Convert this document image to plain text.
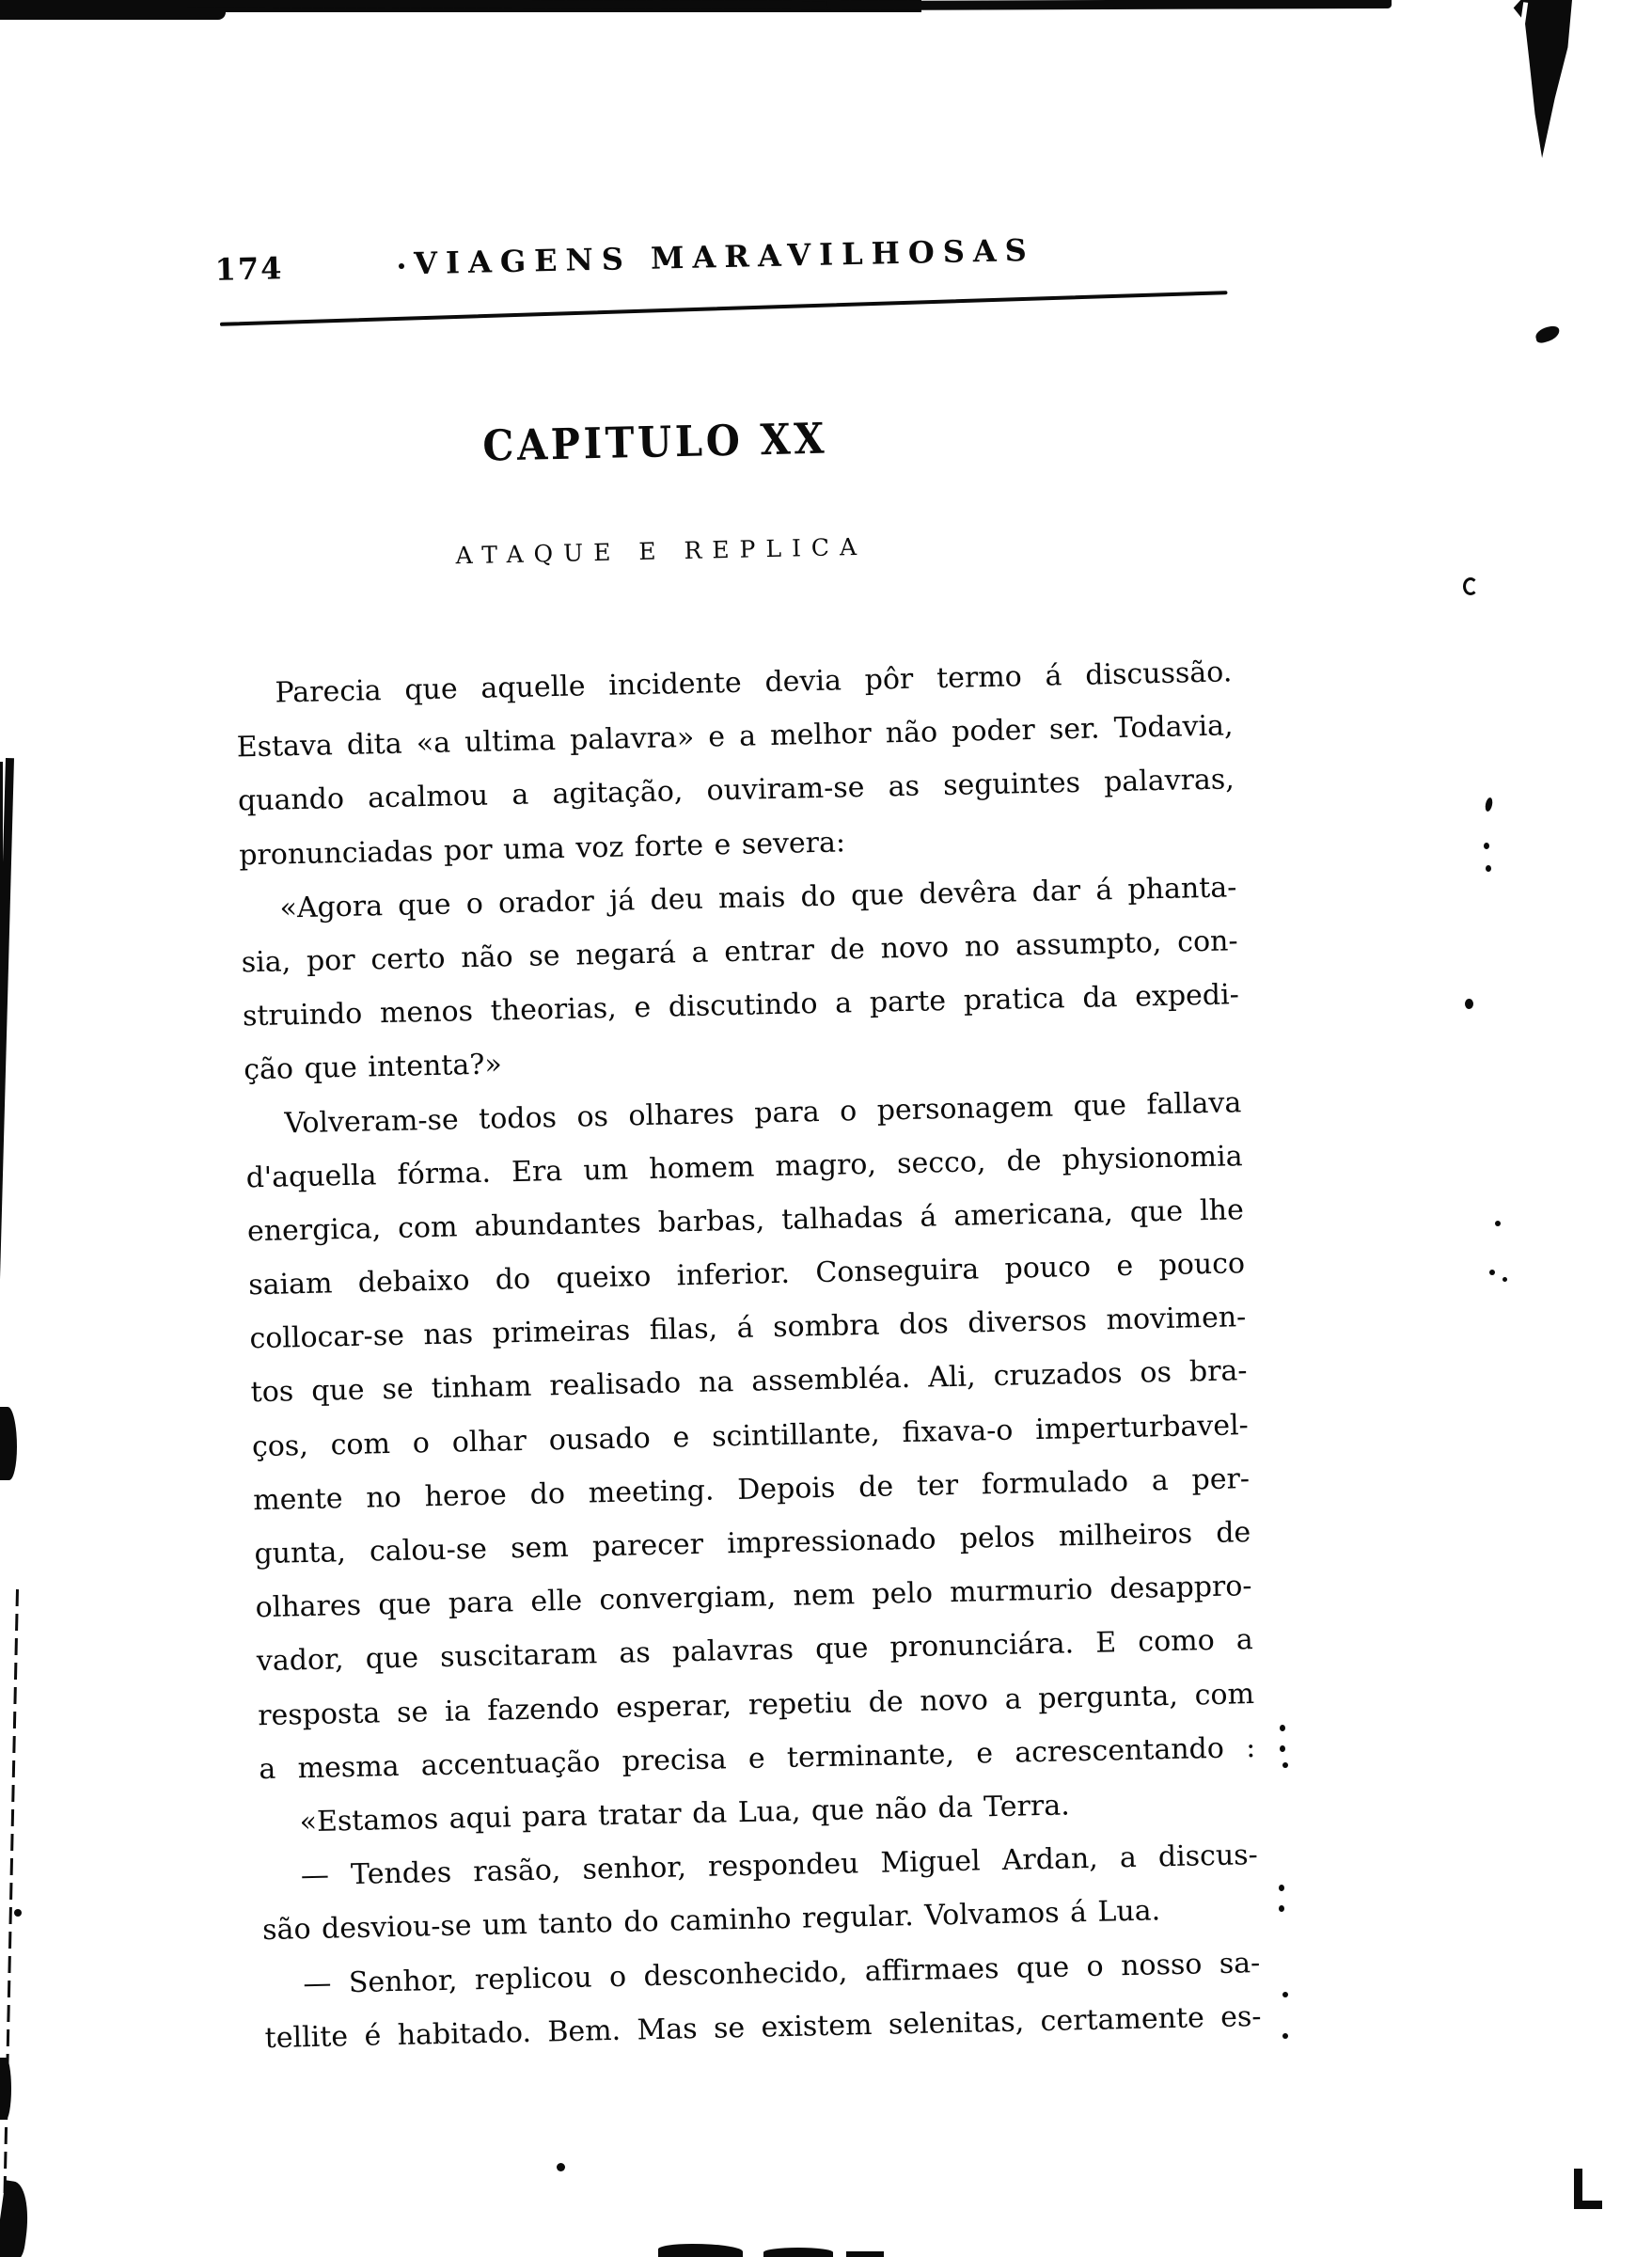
174	VIAGENS MARAVILHOSAS
CAPITULO XX
ATAQUE E REPLICA
Parecia que aquelle incidente devia pôr termo á discussão.
Estava dita «a ultima palavra» e a melhor não poder ser. Todavia,
quando acalmou a agitação, ouviram-se as seguintes palavras,
pronunciadas por uma voz forte e severa:
«Agora que o orador já deu mais do que devêra dar á phanta-
sia, por certo não se negará a entrar de novo no assumpto, con-
struindo menos theorias, e discutindo a parte pratica da expedi-
ção que intenta?»
Volveram-se todos os olhares para o personagem que fallava
d'aquella fórma. Era um homem magro, secco, de physionomia
energica, com abundantes barbas, talhadas á americana, que lhe
saiam debaixo do queixo inferior. Conseguira pouco e pouco
collocar-se nas primeiras filas, á sombra dos diversos movimen-
tos que se tinham realisado na assembléa. Ali, cruzados os bra-
ços, com o olhar ousado e scintillante, fixava-o imperturbavel-
mente no heroe do meeting. Depois de ter formulado a per-
gunta, calou-se sem parecer impressionado pelos milheiros de
olhares que para elle convergiam, nem pelo murmurio desappro-
vador, que suscitaram as palavras que pronunciára. E como a
resposta se ia fazendo esperar, repetiu de novo a pergunta, com
a mesma accentuação precisa e terminante, e acrescentando :
«Estamos aqui para tratar da Lua, que não da Terra.
— Tendes rasão, senhor, respondeu Miguel Ardan, a discus-
são desviou-se um tanto do caminho regular. Volvamos á Lua.
— Senhor, replicou o desconhecido, affirmaes que o nosso sa-
tellite é habitado. Bem. Mas se existem selenitas, certamente es-
